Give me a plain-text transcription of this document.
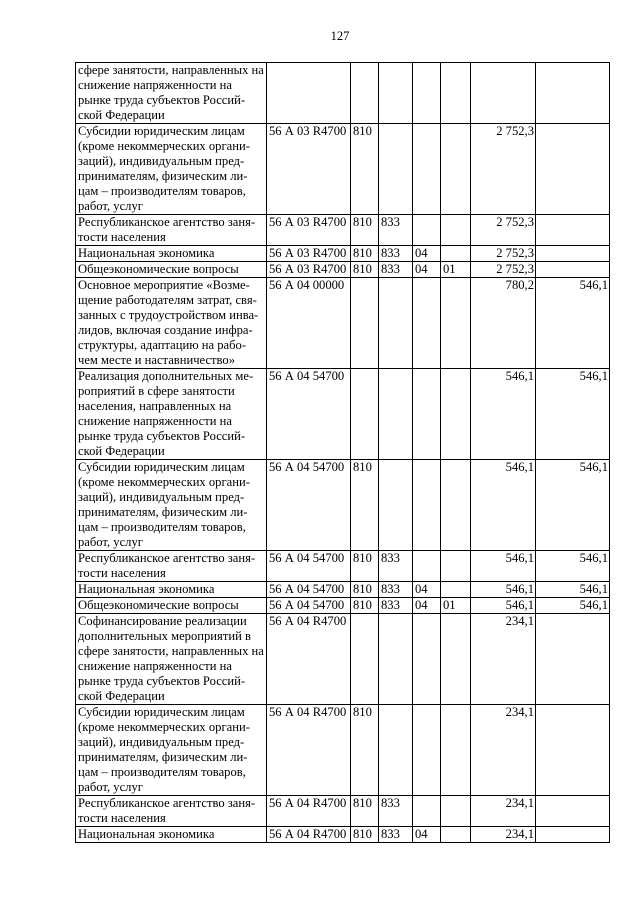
127
сфере занятости, направленных на снижение напряженности на рынке труда субъектов Россий-ской Федерации							
Субсидии юридическим лицам (кроме некоммерческих органи-заций), индивидуальным пред-принимателям, физическим ли-цам – производителям товаров, работ, услуг	56 А 03 R4700	810				2 752,3	
Республиканское агентство заня-тости населения	56 А 03 R4700	810	833			2 752,3	
Национальная экономика	56 А 03 R4700	810	833	04		2 752,3	
Общеэкономические вопросы	56 А 03 R4700	810	833	04	01	2 752,3	
Основное мероприятие «Возме-щение работодателям затрат, свя-занных с трудоустройством инва-лидов, включая создание инфра-структуры, адаптацию на рабо-чем месте и наставничество»	56 А 04 00000					780,2	546,1
Реализация дополнительных ме-роприятий в сфере занятости населения, направленных на снижение напряженности на рынке труда субъектов Россий-ской Федерации	56 А 04 54700					546,1	546,1
Субсидии юридическим лицам (кроме некоммерческих органи-заций), индивидуальным пред-принимателям, физическим ли-цам – производителям товаров, работ, услуг	56 А 04 54700	810				546,1	546,1
Республиканское агентство заня-тости населения	56 А 04 54700	810	833			546,1	546,1
Национальная экономика	56 А 04 54700	810	833	04		546,1	546,1
Общеэкономические вопросы	56 А 04 54700	810	833	04	01	546,1	546,1
Софинансирование реализации дополнительных мероприятий в сфере занятости, направленных на снижение напряженности на рынке труда субъектов Россий-ской Федерации	56 А 04 R4700					234,1	
Субсидии юридическим лицам (кроме некоммерческих органи-заций), индивидуальным пред-принимателям, физическим ли-цам – производителям товаров, работ, услуг	56 А 04 R4700	810				234,1	
Республиканское агентство заня-тости населения	56 А 04 R4700	810	833			234,1	
Национальная экономика	56 А 04 R4700	810	833	04		234,1	
